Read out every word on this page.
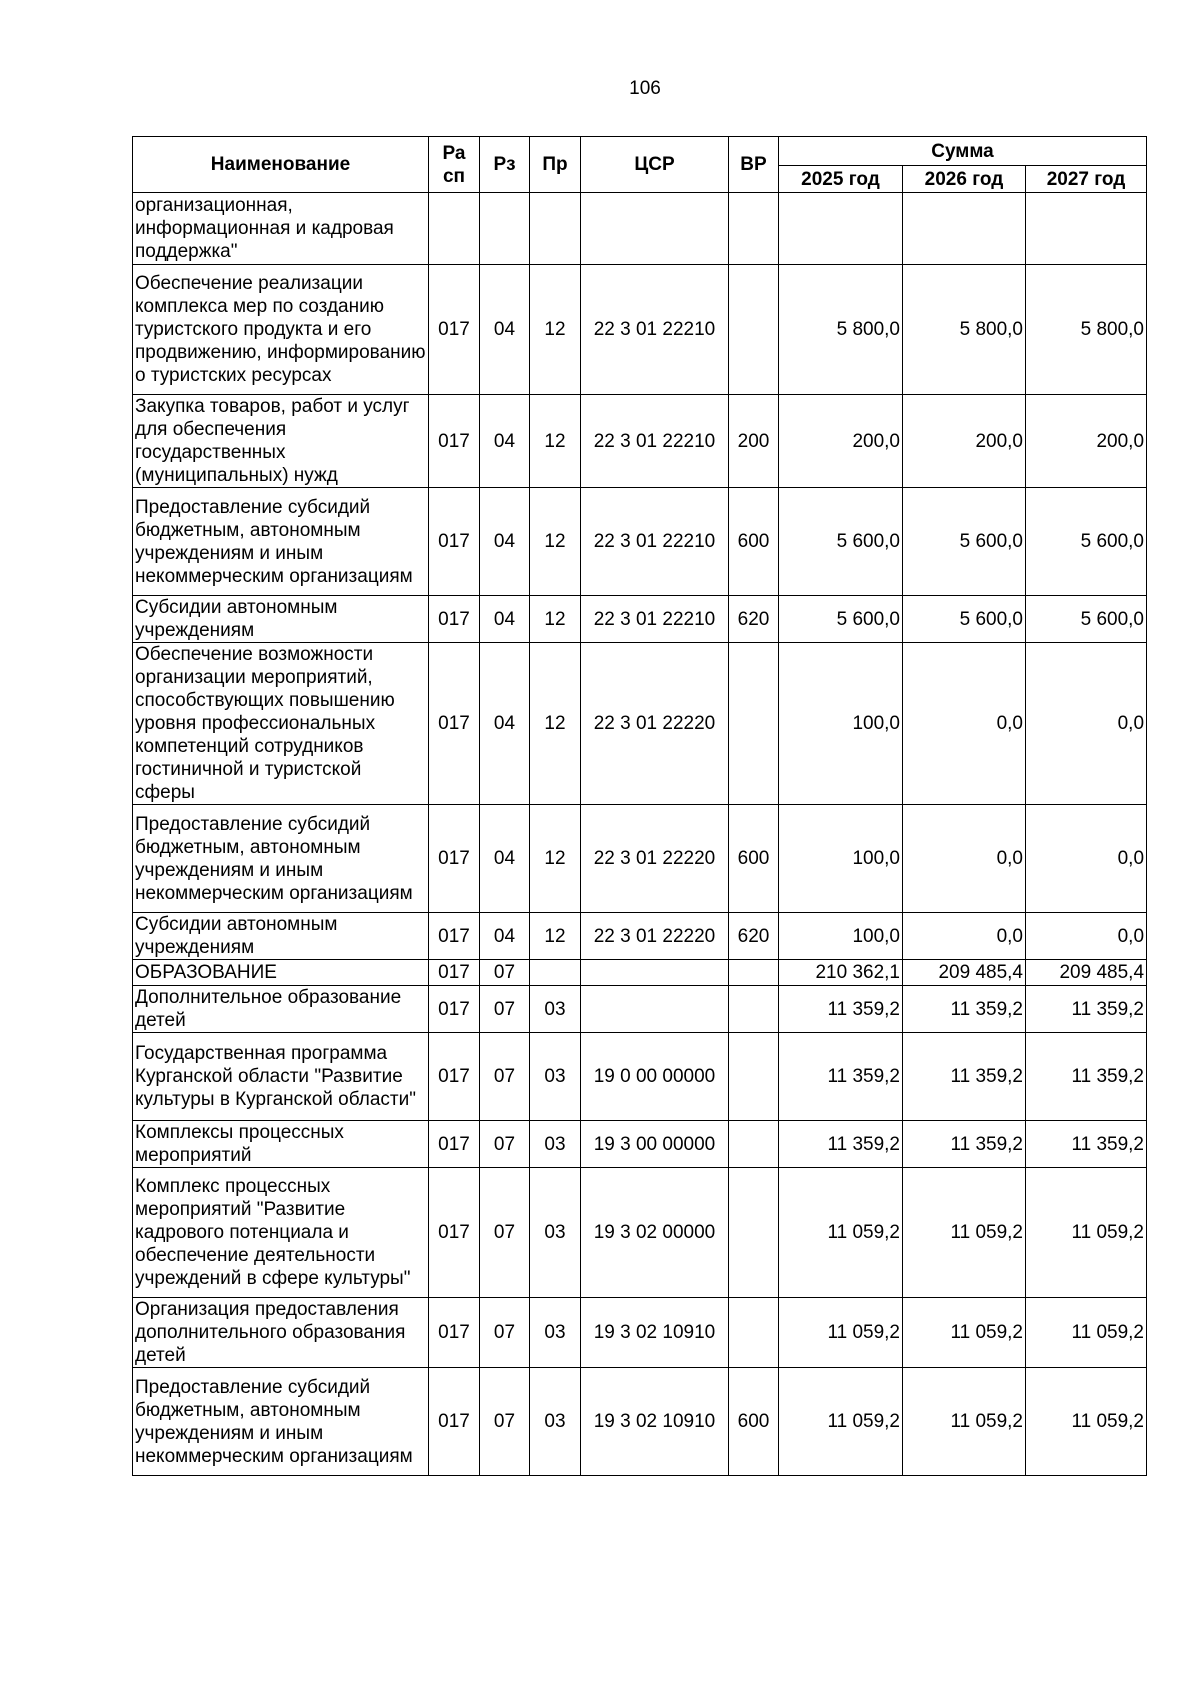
106
Наименование	Ра сп	Рз	Пр	ЦСР	ВР	Сумма		
						2025 год	2026 год	2027 год
организационная, информационная и кадровая поддержка"								
Обеспечение реализации комплекса мер по созданию туристского продукта и его продвижению, информированию о туристских ресурсах	017	04	12	22 3 01 22210		5 800,0	5 800,0	5 800,0
Закупка товаров, работ и услуг для обеспечения государственных (муниципальных) нужд	017	04	12	22 3 01 22210	200	200,0	200,0	200,0
Предоставление субсидий бюджетным, автономным учреждениям и иным некоммерческим организациям	017	04	12	22 3 01 22210	600	5 600,0	5 600,0	5 600,0
Субсидии автономным учреждениям	017	04	12	22 3 01 22210	620	5 600,0	5 600,0	5 600,0
Обеспечение возможности организации мероприятий, способствующих повышению уровня профессиональных компетенций сотрудников гостиничной и туристской сферы	017	04	12	22 3 01 22220		100,0	0,0	0,0
Предоставление субсидий бюджетным, автономным учреждениям и иным некоммерческим организациям	017	04	12	22 3 01 22220	600	100,0	0,0	0,0
Субсидии автономным учреждениям	017	04	12	22 3 01 22220	620	100,0	0,0	0,0
ОБРАЗОВАНИЕ	017	07				210 362,1	209 485,4	209 485,4
Дополнительное образование детей	017	07	03			11 359,2	11 359,2	11 359,2
Государственная программа Курганской области "Развитие культуры в Курганской области"	017	07	03	19 0 00 00000		11 359,2	11 359,2	11 359,2
Комплексы процессных мероприятий	017	07	03	19 3 00 00000		11 359,2	11 359,2	11 359,2
Комплекс процессных мероприятий "Развитие кадрового потенциала и обеспечение деятельности учреждений в сфере культуры"	017	07	03	19 3 02 00000		11 059,2	11 059,2	11 059,2
Организация предоставления дополнительного образования детей	017	07	03	19 3 02 10910		11 059,2	11 059,2	11 059,2
Предоставление субсидий бюджетным, автономным учреждениям и иным некоммерческим организациям	017	07	03	19 3 02 10910	600	11 059,2	11 059,2	11 059,2
